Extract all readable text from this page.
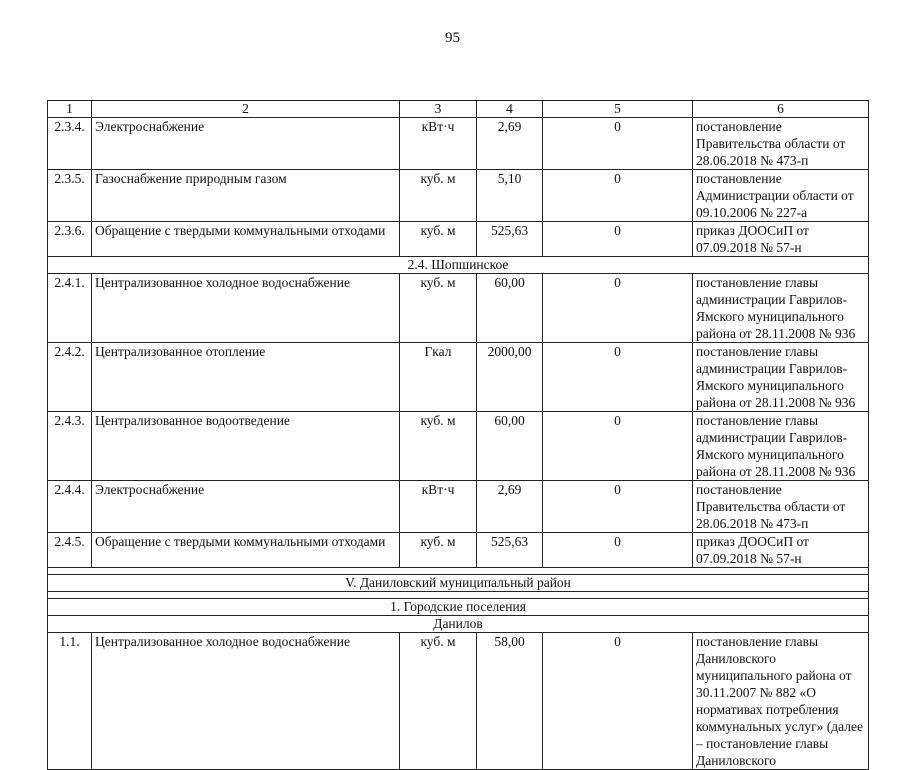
95
1	2	3	4	5	6
2.3.4.	Электроснабжение	кВт·ч	2,69	0	постановление Правительства области от 28.06.2018 № 473-п
2.3.5.	Газоснабжение природным газом	куб. м	5,10	0	постановление Администрации области от 09.10.2006 № 227-а
2.3.6.	Обращение с твердыми коммунальными отходами	куб. м	525,63	0	приказ ДООСиП от 07.09.2018 № 57-н
2.4. Шопшинское					
2.4.1.	Централизованное холодное водоснабжение	куб. м	60,00	0	постановление главы администрации Гаврилов-Ямского муниципального района от 28.11.2008 № 936
2.4.2.	Централизованное отопление	Гкал	2000,00	0	постановление главы администрации Гаврилов-Ямского муниципального района от 28.11.2008 № 936
2.4.3.	Централизованное водоотведение	куб. м	60,00	0	постановление главы администрации Гаврилов-Ямского муниципального района от 28.11.2008 № 936
2.4.4.	Электроснабжение	кВт·ч	2,69	0	постановление Правительства области от 28.06.2018 № 473-п
2.4.5.	Обращение с твердыми коммунальными отходами	куб. м	525,63	0	приказ ДООСиП от 07.09.2018 № 57-н

V. Даниловский муниципальный район					

1. Городские поселения					
Данилов					
1.1.	Централизованное холодное водоснабжение	куб. м	58,00	0	постановление главы Даниловского муниципального района от 30.11.2007 № 882 «О нормативах потребления коммунальных услуг» (далее – постановление главы Даниловского
